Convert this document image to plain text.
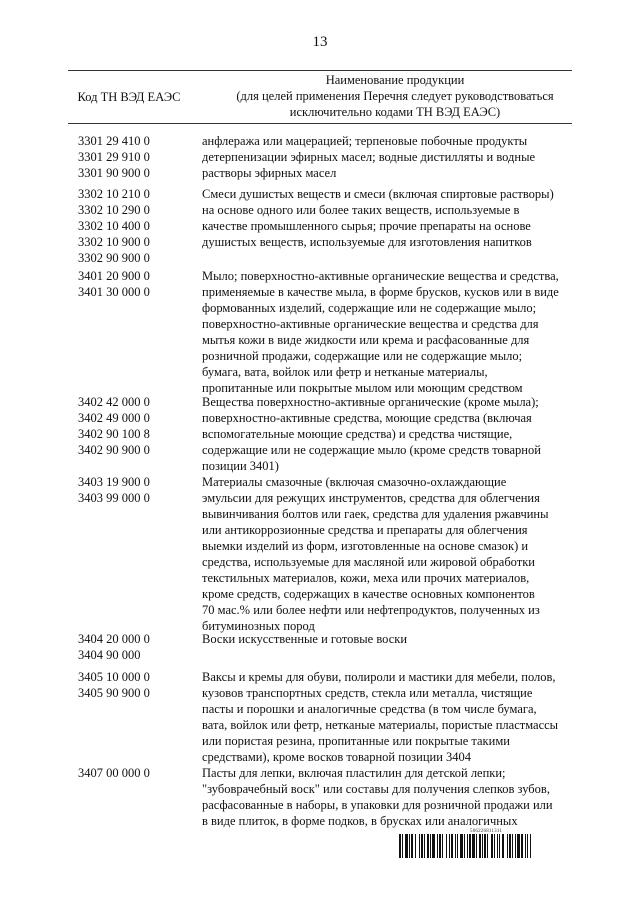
13
Код ТН ВЭД ЕАЭС
Наименование продукции
(для целей применения Перечня следует руководствоваться
исключительно кодами ТН ВЭД ЕАЭС)
3301 29 410 0
3301 29 910 0
3301 90 900 0
анфлеража или мацерацией; терпеновые побочные продукты
детерпенизации эфирных масел; водные дистилляты и водные
растворы эфирных масел
3302 10 210 0
3302 10 290 0
3302 10 400 0
3302 10 900 0
3302 90 900 0
Смеси душистых веществ и смеси (включая спиртовые растворы)
на основе одного или более таких веществ, используемые в
качестве промышленного сырья; прочие препараты на основе
душистых веществ, используемые для изготовления напитков
3401 20 900 0
3401 30 000 0
Мыло; поверхностно-активные органические вещества и средства,
применяемые в качестве мыла, в форме брусков, кусков или в виде
формованных изделий, содержащие или не содержащие мыло;
поверхностно-активные органические вещества и средства для
мытья кожи в виде жидкости или крема и расфасованные для
розничной продажи, содержащие или не содержащие мыло;
бумага, вата, войлок или фетр и нетканые материалы,
пропитанные или покрытые мылом или моющим средством
3402 42 000 0
3402 49 000 0
3402 90 100 8
3402 90 900 0
Вещества поверхностно-активные органические (кроме мыла);
поверхностно-активные средства, моющие средства (включая
вспомогательные моющие средства) и средства чистящие,
содержащие или не содержащие мыло (кроме средств товарной
позиции 3401)
3403 19 900 0
3403 99 000 0
Материалы смазочные (включая смазочно-охлаждающие
эмульсии для режущих инструментов, средства для облегчения
вывинчивания болтов или гаек, средства для удаления ржавчины
или антикоррозионные средства и препараты для облегчения
выемки изделий из форм, изготовленные на основе смазок) и
средства, используемые для масляной или жировой обработки
текстильных материалов, кожи, меха или прочих материалов,
кроме средств, содержащих в качестве основных компонентов
70 мас.% или более нефти или нефтепродуктов, полученных из
битуминозных пород
3404 20 000 0
3404 90 000
Воски искусственные и готовые воски
3405 10 000 0
3405 90 900 0
Ваксы и кремы для обуви, полироли и мастики для мебели, полов,
кузовов транспортных средств, стекла или металла, чистящие
пасты и порошки и аналогичные средства (в том числе бумага,
вата, войлок или фетр, нетканые материалы, пористые пластмассы
или пористая резина, пропитанные или покрытые такими
средствами), кроме восков товарной позиции 3404
3407 00 000 0	Пасты для лепки, включая пластилин для детской лепки;
"зубоврачебный воск" или составы для получения слепков зубов,
расфасованные в наборы, в упаковки для розничной продажи или
в виде плиток, в форме подков, в брусках или аналогичных
566226811311
